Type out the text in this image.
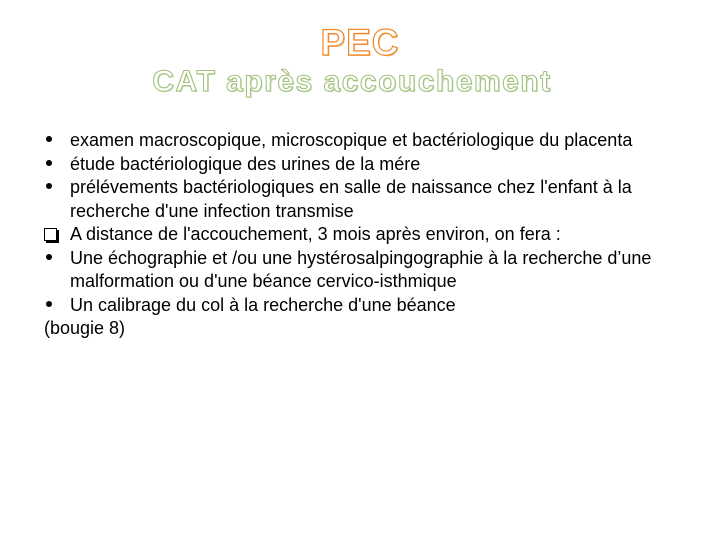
PEC
CAT après accouchement
examen macroscopique, microscopique et bactériologique du placenta
étude bactériologique des urines de la mére
prélévements bactériologiques en salle de naissance chez l'enfant à la recherche d'une infection transmise
A distance de l'accouchement, 3 mois après environ, on fera :
Une échographie et /ou une hystérosalpingographie à la recherche d’une malformation ou d'une béance cervico-isthmique
Un calibrage du col à la recherche d'une béance
(bougie 8)
